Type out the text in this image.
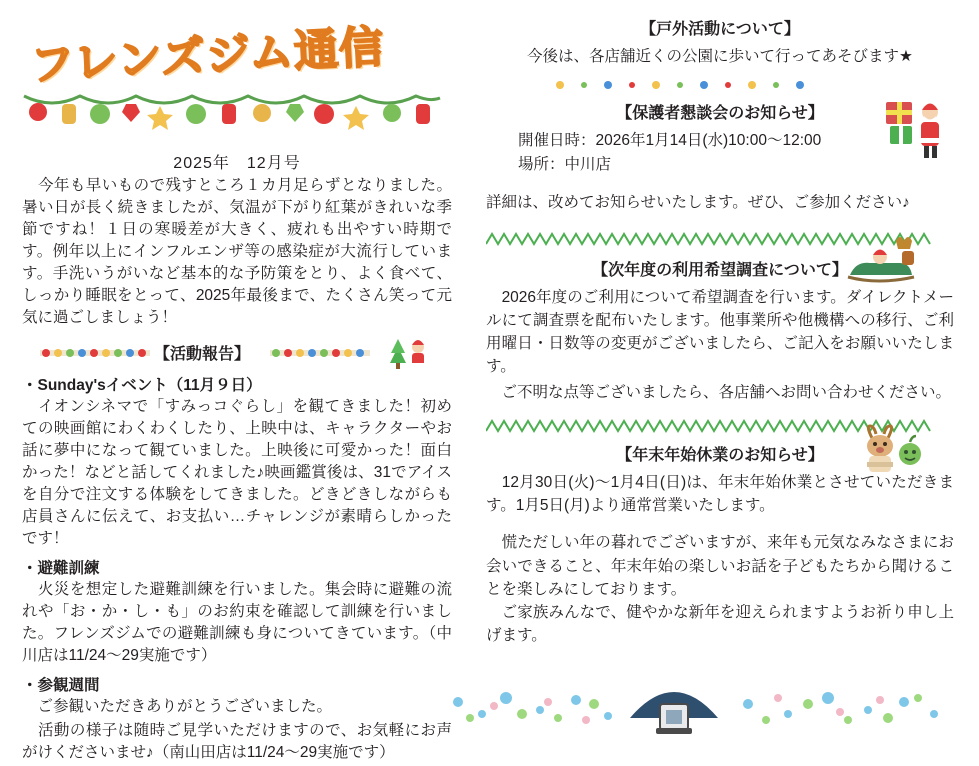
フレンズジム通信
2025年　12月号

　今年も早いもので残すところ１カ月足らずとなりました。暑い日が長く続きましたが、気温が下がり紅葉がきれいな季節ですね！１日の寒暖差が大きく、疲れも出やすい時期です。例年以上にインフルエンザ等の感染症が大流行しています。手洗いうがいなど基本的な予防策をとり、よく食べて、しっかり睡眠をとって、2025年最後まで、たくさん笑って元気に過ごしましょう！

【活動報告】
・Sunday'sイベント（11月９日）

　イオンシネマで「すみっコぐらし」を観てきました！初めての映画館にわくわくしたり、上映中は、キャラクターやお話に夢中になって観ていました。上映後に可愛かった！面白かった！などと話してくれました♪映画鑑賞後は、31でアイスを自分で注文する体験をしてきました。どきどきしながらも店員さんに伝えて、お支払い…チャレンジが素晴らしかったです！

・避難訓練

　火災を想定した避難訓練を行いました。集会時に避難の流れや「お・か・し・も」のお約束を確認して訓練を行いました。フレンズジムでの避難訓練も身についてきています。（中川店は11/24〜29実施です）

・参観週間

　ご参観いただきありがとうございました。

　活動の様子は随時ご見学いただけますので、お気軽にお声がけくださいませ♪（南山田店は11/24〜29実施です）

【戸外活動について】
今後は、各店舗近くの公園に歩いて行ってあそびます★
【保護者懇談会のお知らせ】
開催日時：2026年1月14日(水)10:00〜12:00
場所：中川店
詳細は、改めてお知らせいたします。ぜひ、ご参加ください♪
【次年度の利用希望調査について】

　2026年度のご利用について希望調査を行います。ダイレクトメールにて調査票を配布いたします。他事業所や他機構への移行、ご利用曜日・日数等の変更がございましたら、ご記入をお願いいたします。

　ご不明な点等ございましたら、各店舗へお問い合わせください。

【年末年始休業のお知らせ】

　12月30日(火)〜1月4日(日)は、年末年始休業とさせていただきます。1月5日(月)より通常営業いたします。

　慌ただしい年の暮れでございますが、来年も元気なみなさまにお会いできること、年末年始の楽しいお話を子どもたちから聞けることを楽しみにしております。

　ご家族みんなで、健やかな新年を迎えられますようお祈り申し上げます。
